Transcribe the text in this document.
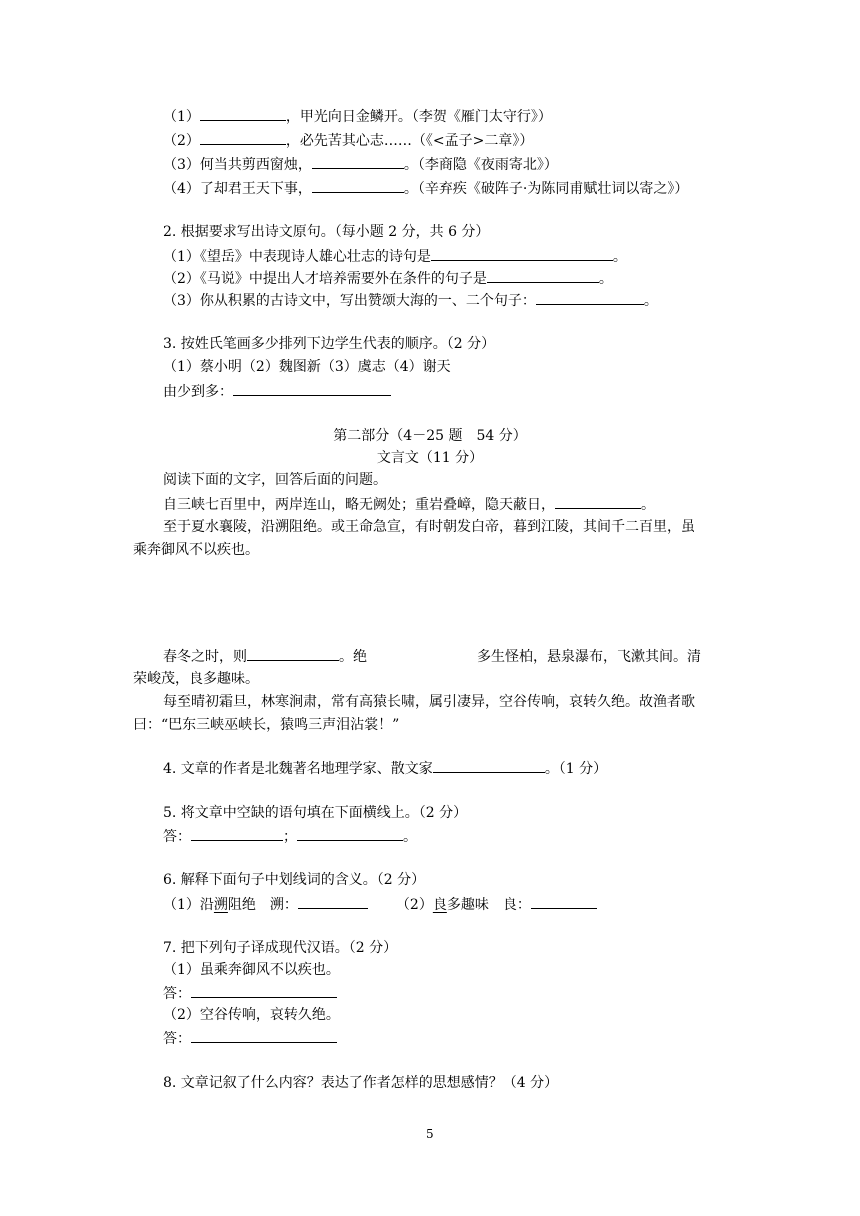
（1）	，甲光向日金鳞开。（李贺《雁门太守行》）
（2）	，必先苦其心志……（《<孟子>二章》）
（3）何当共剪西窗烛，	。（李商隐《夜雨寄北》）
（4）了却君王天下事，	。（辛弃疾《破阵子·为陈同甫赋壮词以寄之》）
2. 根据要求写出诗文原句。（每小题 2 分，共 6 分）
（1）《望岳》中表现诗人雄心壮志的诗句是	。
（2）《马说》中提出人才培养需要外在条件的句子是	。
（3）你从积累的古诗文中，写出赞颂大海的一、二个句子：	。
3. 按姓氏笔画多少排列下边学生代表的顺序。（2 分）
（1）蔡小明（2）魏图新（3）虞志（4）谢天
由少到多：
第二部分（4－25 题　54 分）
文言文（11 分）
阅读下面的文字，回答后面的问题。
自三峡七百里中，两岸连山，略无阙处；重岩叠嶂，隐天蔽日，	。
至于夏水襄陵，沿溯阻绝。或王命急宣，有时朝发白帝，暮到江陵，其间千二百里，虽
乘奔御风不以疾也。
春冬之时，则	。绝	多生怪柏，悬泉瀑布，飞漱其间。清
荣峻茂，良多趣味。
每至晴初霜旦，林寒涧肃，常有高猿长啸，属引凄异，空谷传响，哀转久绝。故渔者歌
曰：“巴东三峡巫峡长，猿鸣三声泪沾裳！”
4. 文章的作者是北魏著名地理学家、散文家	。（1 分）
5. 将文章中空缺的语句填在下面横线上。（2 分）
答：	；	。
6. 解释下面句子中划线词的含义。（2 分）
（1）沿溯阻绝　溯：	（2）良多趣味　良：
7. 把下列句子译成现代汉语。（2 分）
（1）虽乘奔御风不以疾也。
答：
（2）空谷传响，哀转久绝。
答：
8. 文章记叙了什么内容？表达了作者怎样的思想感情？（4 分）
5
